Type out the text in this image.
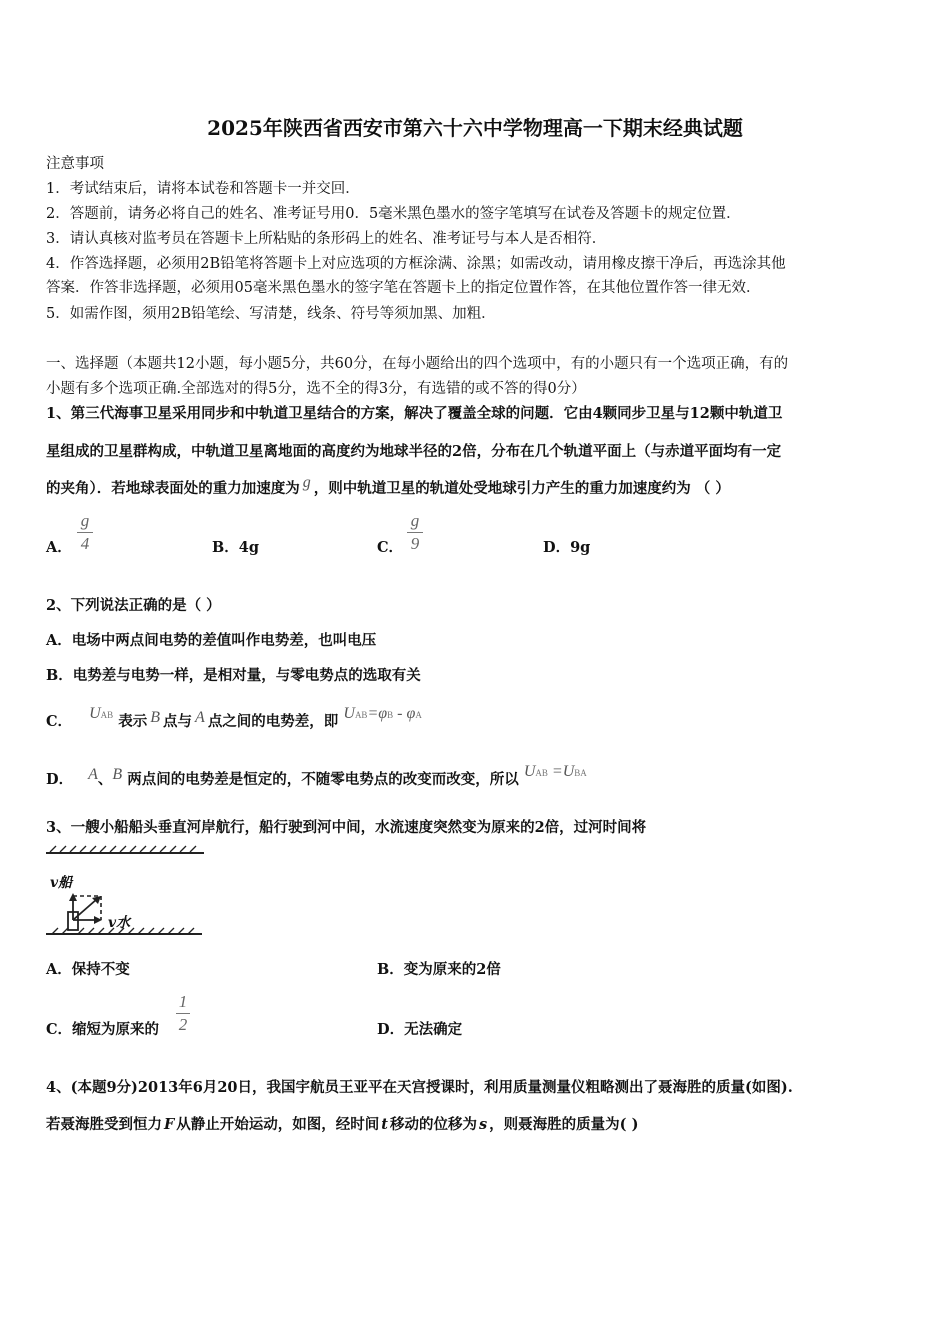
2025年陕西省西安市第六十六中学物理高一下期末经典试题
注意事项
1．考试结束后，请将本试卷和答题卡一并交回．
2．答题前，请务必将自己的姓名、准考证号用0．5毫米黑色墨水的签字笔填写在试卷及答题卡的规定位置．
3．请认真核对监考员在答题卡上所粘贴的条形码上的姓名、准考证号与本人是否相符．
4．作答选择题，必须用2B铅笔将答题卡上对应选项的方框涂满、涂黑；如需改动，请用橡皮擦干净后，再选涂其他
答案．作答非选择题，必须用05毫米黑色墨水的签字笔在答题卡上的指定位置作答，在其他位置作答一律无效．
5．如需作图，须用2B铅笔绘、写清楚，线条、符号等须加黑、加粗．
一、选择题（本题共12小题，每小题5分，共60分，在每小题给出的四个选项中，有的小题只有一个选项正确，有的
小题有多个选项正确.全部选对的得5分，选不全的得3分，有选错的或不答的得0分）
1、第三代海事卫星采用同步和中轨道卫星结合的方案，解决了覆盖全球的问题．它由4颗同步卫星与12颗中轨道卫
星组成的卫星群构成，中轨道卫星离地面的高度约为地球半径的2倍，分布在几个轨道平面上（与赤道平面均有一定
的夹角）．若地球表面处的重力加速度为 g ，则中轨道卫星的轨道处受地球引力产生的重力加速度约为 （ ）
A．
g
4	B．4g	C．
g
9	D．9g
2、下列说法正确的是（ ）
A．电场中两点间电势的差值叫作电势差，也叫电压
B．电势差与电势一样，是相对量，与零电势点的选取有关
C． UAB 表示 B 点与 A 点之间的电势差，即 UAB=φB - φA
D． A、B 两点间的电势差是恒定的，不随零电势点的改变而改变，所以 UAB =UBA
3、一艘小船船头垂直河岸航行，船行驶到河中间，水流速度突然变为原来的2倍，过河时间将
v船
v水
A．保持不变	B．变为原来的2倍
C．缩短为原来的
1
2	D．无法确定
4、(本题9分)2013年6月20日，我国宇航员王亚平在天宫授课时，利用质量测量仪粗略测出了聂海胜的质量(如图).
若聂海胜受到恒力 F 从静止开始运动，如图，经时间 t 移动的位移为 s ，则聂海胜的质量为( )
